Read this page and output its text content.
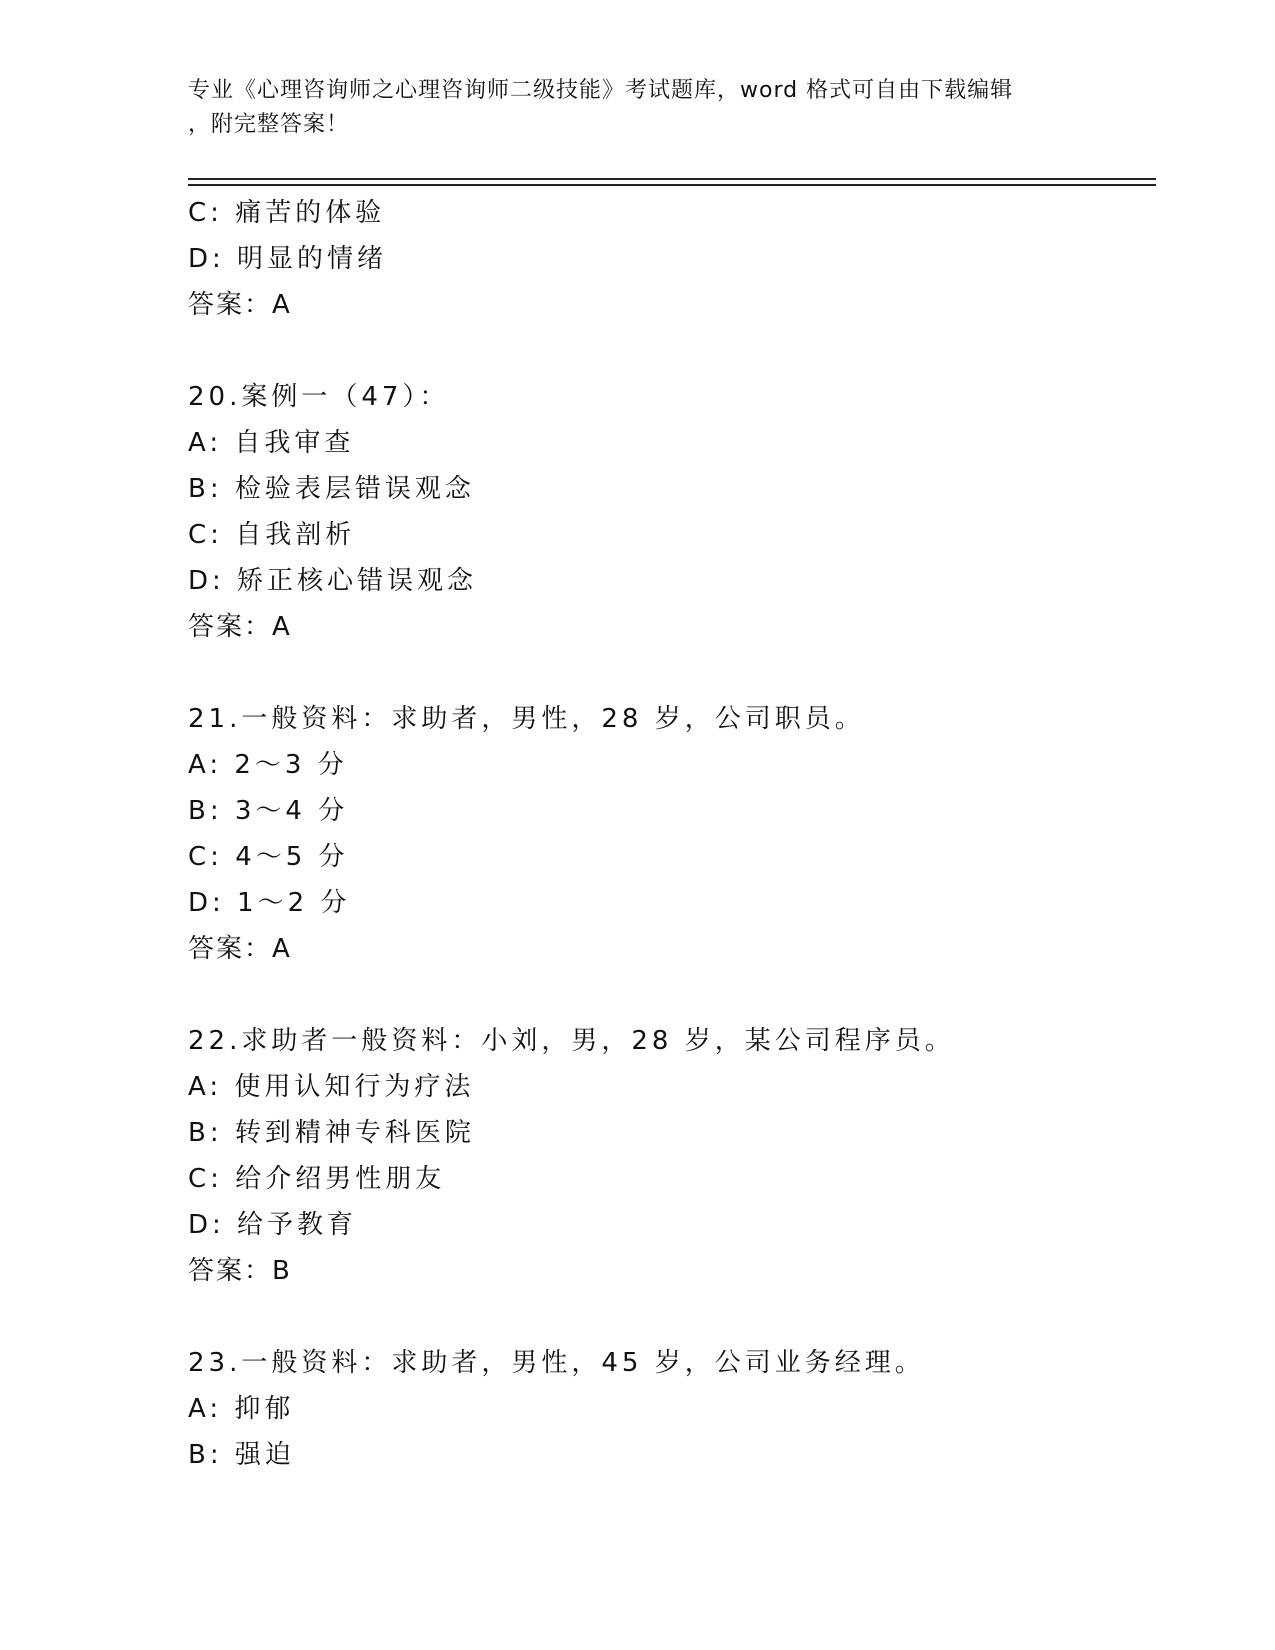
专业《心理咨询师之心理咨询师二级技能》考试题库，word 格式可自由下载编辑
，附完整答案！
C: 痛苦的体验
D: 明显的情绪
答案：A
20.案例一（47）：
A: 自我审查
B: 检验表层错误观念
C: 自我剖析
D: 矫正核心错误观念
答案：A
21.一般资料：求助者，男性，28 岁，公司职员。
A: 2～3 分
B: 3～4 分
C: 4～5 分
D: 1～2 分
答案：A
22.求助者一般资料：小刘，男，28 岁，某公司程序员。
A: 使用认知行为疗法
B: 转到精神专科医院
C: 给介绍男性朋友
D: 给予教育
答案：B
23.一般资料：求助者，男性，45 岁，公司业务经理。
A: 抑郁
B: 强迫
